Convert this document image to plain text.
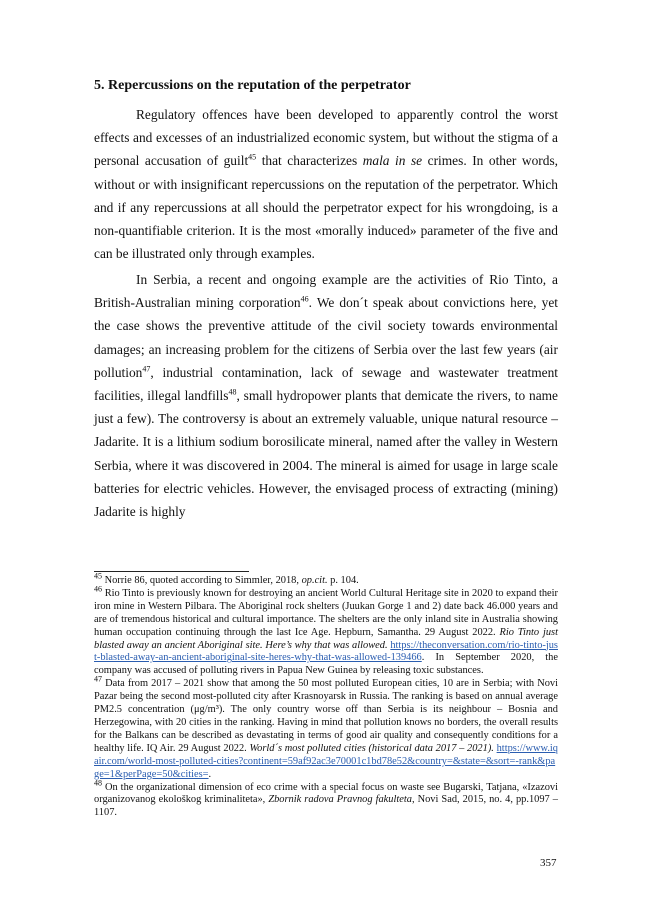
5. Repercussions on the reputation of the perpetrator

Regulatory offences have been developed to apparently control the worst effects and excesses of an industrialized economic system, but without the stigma of a personal accusation of guilt$^{45}$ that characterizes mala in se crimes. In other words, without or with insignificant repercussions on the reputation of the perpetrator. Which and if any repercussions at all should the perpetrator expect for his wrongdoing, is a non-quantifiable criterion. It is the most «morally induced» parameter of the five and can be illustrated only through examples.

In Serbia, a recent and ongoing example are the activities of Rio Tinto, a British-Australian mining corporation$^{46}$. We don´t speak about convictions here, yet the case shows the preventive attitude of the civil society towards environmental damages; an increasing problem for the citizens of Serbia over the last few years (air pollution$^{47}$, industrial contamination, lack of sewage and wastewater treatment facilities, illegal landfills$^{48}$, small hydropower plants that demicate the rivers, to name just a few). The controversy is about an extremely valuable, unique natural resource – Jadarite. It is a lithium sodium borosilicate mineral, named after the valley in Western Serbia, where it was discovered in 2004. The mineral is aimed for usage in large scale batteries for electric vehicles. However, the envisaged process of extracting (mining) Jadarite is highly

$^{45}$ Norrie 86, quoted according to Simmler, 2018, op.cit. p. 104.

$^{46}$ Rio Tinto is previously known for destroying an ancient World Cultural Heritage site in 2020 to expand their iron mine in Western Pilbara. The Aboriginal rock shelters (Juukan Gorge 1 and 2) date back 46.000 years and are of tremendous historical and cultural importance. The shelters are the only inland site in Australia showing human occupation continuing through the last Ice Age. Hepburn, Samantha. 29 August 2022. Rio Tinto just blasted away an ancient Aboriginal site. Here’s why that was allowed. https://theconversation.com/rio-tinto-just-blasted-away-an-ancient-aboriginal-site-heres-why-that-was-allowed-139466. In September 2020, the company was accused of polluting rivers in Papua New Guinea by releasing toxic substances.

$^{47}$ Data from 2017 – 2021 show that among the 50 most polluted European cities, 10 are in Serbia; with Novi Pazar being the second most-polluted city after Krasnoyarsk in Russia. The ranking is based on annual average PM2.5 concentration (μg/m³). The only country worse off than Serbia is its neighbour – Bosnia and Herzegowina, with 20 cities in the ranking. Having in mind that pollution knows no borders, the overall results for the Balkans can be described as devastating in terms of good air quality and consequently conditions for a healthy life. IQ Air. 29 August 2022. World´s most polluted cities (historical data 2017 – 2021). https://www.iqair.com/world-most-polluted-cities?continent=59af92ac3e70001c1bd78e52&country=&state=&sort=-rank&page=1&perPage=50&cities=.

$^{48}$ On the organizational dimension of eco crime with a special focus on waste see Bugarski, Tatjana, «Izazovi organizovanog ekološkog kriminaliteta», Zbornik radova Pravnog fakulteta, Novi Sad, 2015, no. 4, pp.1097 – 1107.

357
